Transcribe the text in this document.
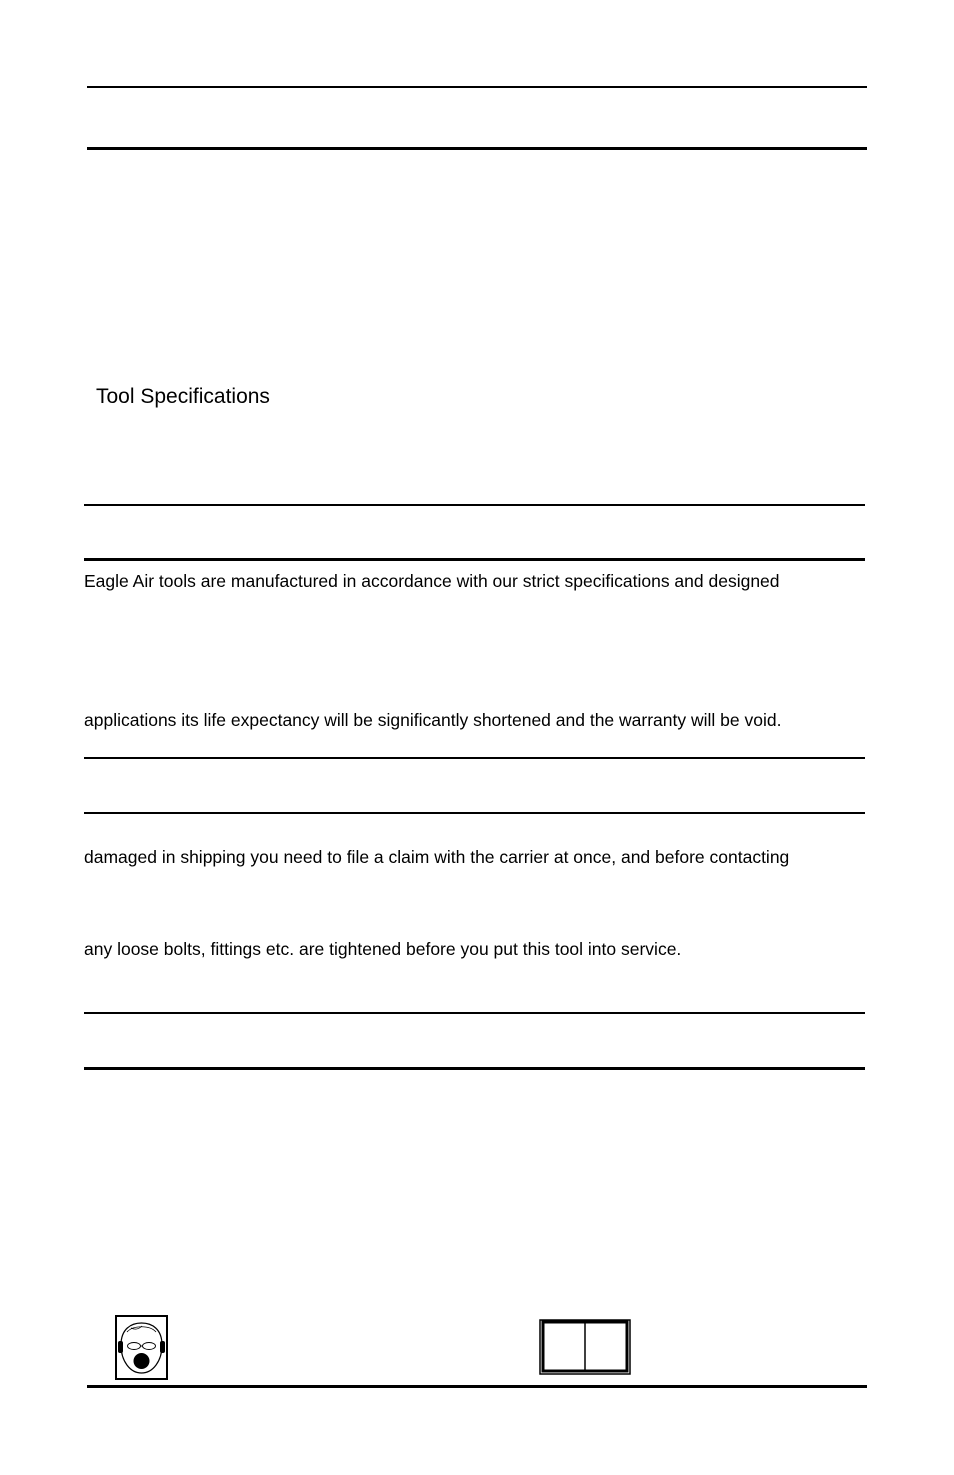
Tool Specifications
Eagle Air tools are manufactured in accordance with our strict specifications and designed
applications its life expectancy will be significantly shortened and the warranty will be void.
damaged in shipping you need to file a claim with the carrier at once, and before contacting
any loose bolts, fittings etc. are tightened before you put this tool into service.
